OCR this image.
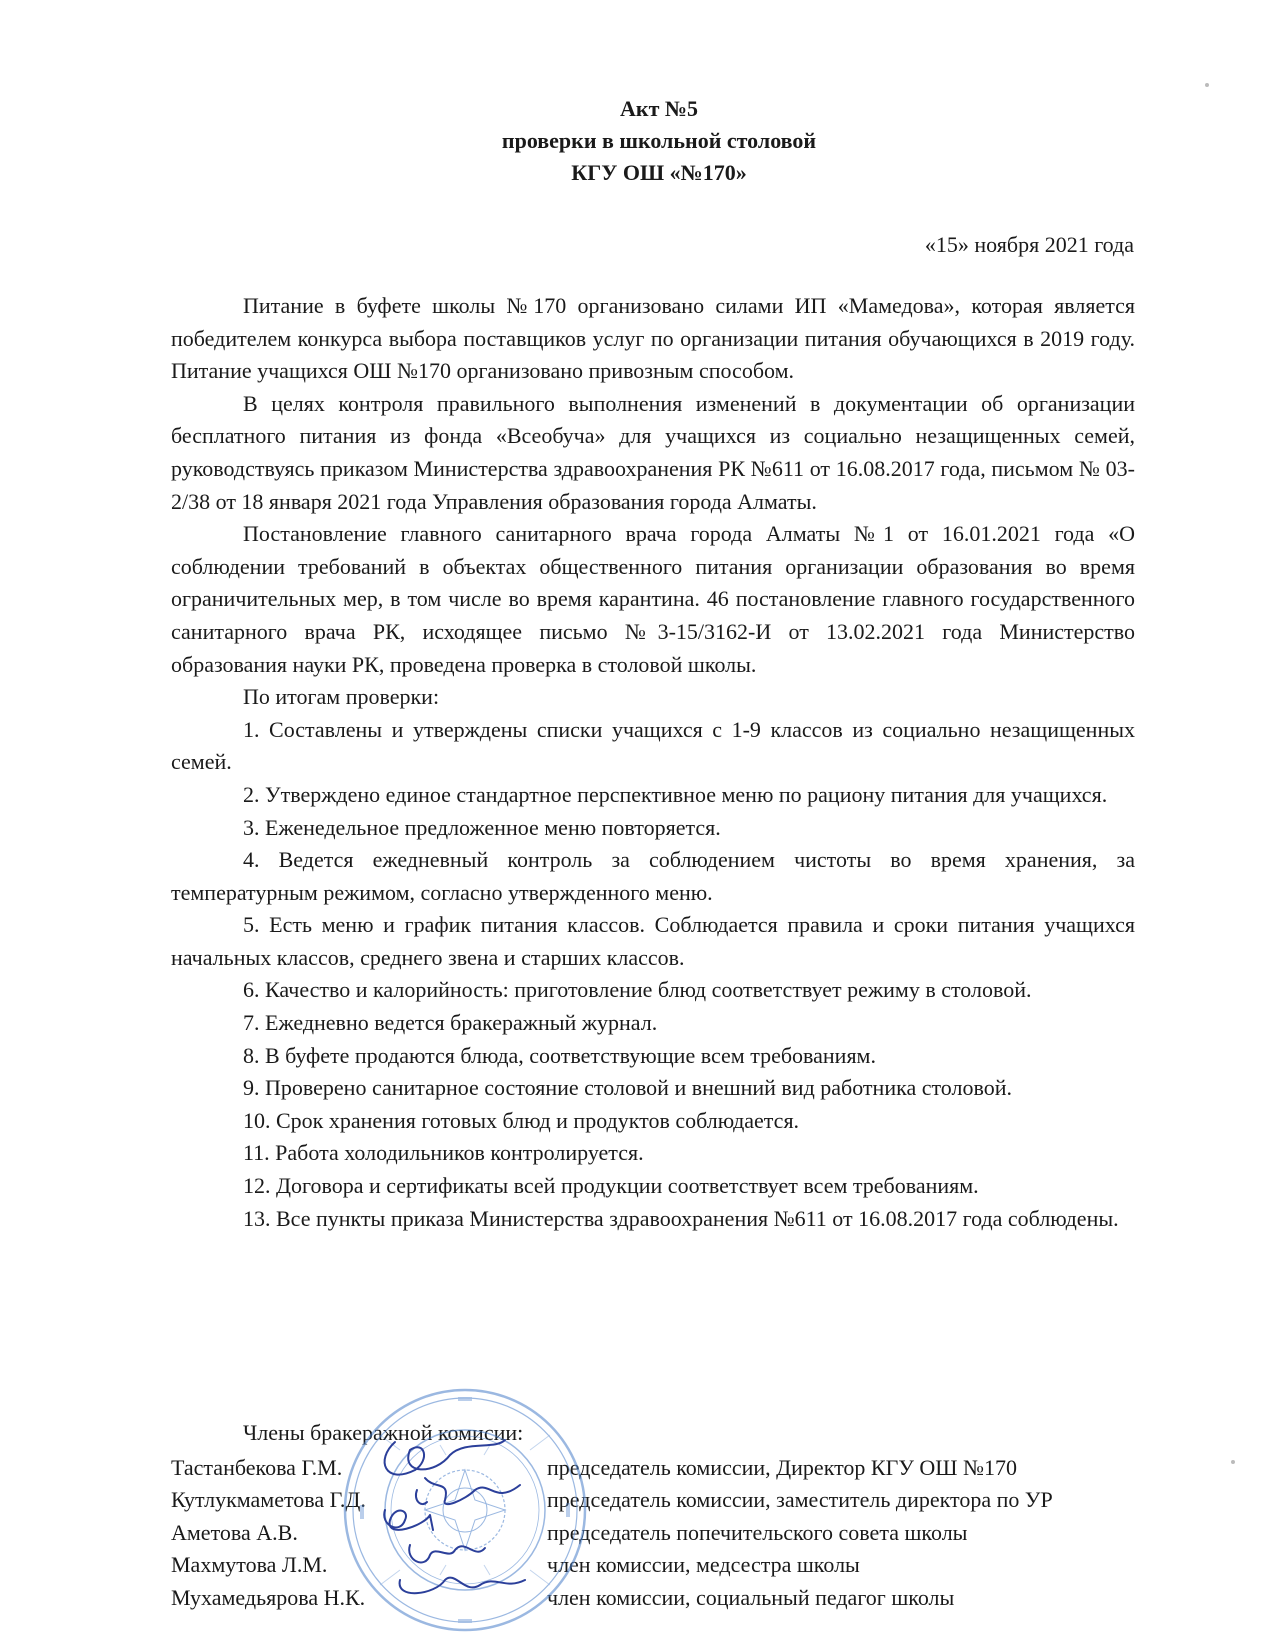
Акт №5
проверки в школьной столовой
КГУ ОШ «№170»
«15» ноября 2021 года

Питание в буфете школы №170 организовано силами ИП «Мамедова», которая является победителем конкурса выбора поставщиков услуг по организации питания обучающихся в 2019 году. Питание учащихся ОШ №170 организовано привозным способом.

В целях контроля правильного выполнения изменений в документации об организации бесплатного питания из фонда «Всеобуча» для учащихся из социально незащищенных семей, руководствуясь приказом Министерства здравоохранения РК №611 от 16.08.2017 года, письмом № 03-2/38 от 18 января 2021 года Управления образования города Алматы.

Постановление главного санитарного врача города Алматы №1 от 16.01.2021 года «О соблюдении требований в объектах общественного питания организации образования во время ограничительных мер, в том числе во время карантина. 46 постановление главного государственного санитарного врача РК, исходящее письмо №3-15/3162-И от 13.02.2021 года Министерство образования науки РК, проведена проверка в столовой школы.

По итогам проверки:

1. Составлены и утверждены списки учащихся с 1-9 классов из социально незащищенных семей.

2. Утверждено единое стандартное перспективное меню по рациону питания для учащихся.

3. Еженедельное предложенное меню повторяется.

4. Ведется ежедневный контроль за соблюдением чистоты во время хранения, за температурным режимом, согласно утвержденного меню.

5. Есть меню и график питания классов. Соблюдается правила и сроки питания учащихся начальных классов, среднего звена и старших классов.

6. Качество и калорийность: приготовление блюд соответствует режиму в столовой.

7. Ежедневно ведется бракеражный журнал.

8. В буфете продаются блюда, соответствующие всем требованиям.

9. Проверено санитарное состояние столовой и внешний вид работника столовой.

10. Срок хранения готовых блюд и продуктов соблюдается.

11. Работа холодильников контролируется.

12. Договора и сертификаты всей продукции соответствует всем требованиям.

13. Все пункты приказа Министерства здравоохранения №611 от 16.08.2017 года соблюдены.

Члены бракеражной комисии:

Тастанбекова Г.М.	председатель комиссии, Директор КГУ ОШ №170
Кутлукмаметова Г.Д.	председатель комиссии, заместитель директора по УР
Аметова А.В.	председатель попечительского совета школы
Махмутова Л.М.	член комиссии, медсестра школы
Мухамедьярова Н.К.	член комиссии, социальный педагог школы
